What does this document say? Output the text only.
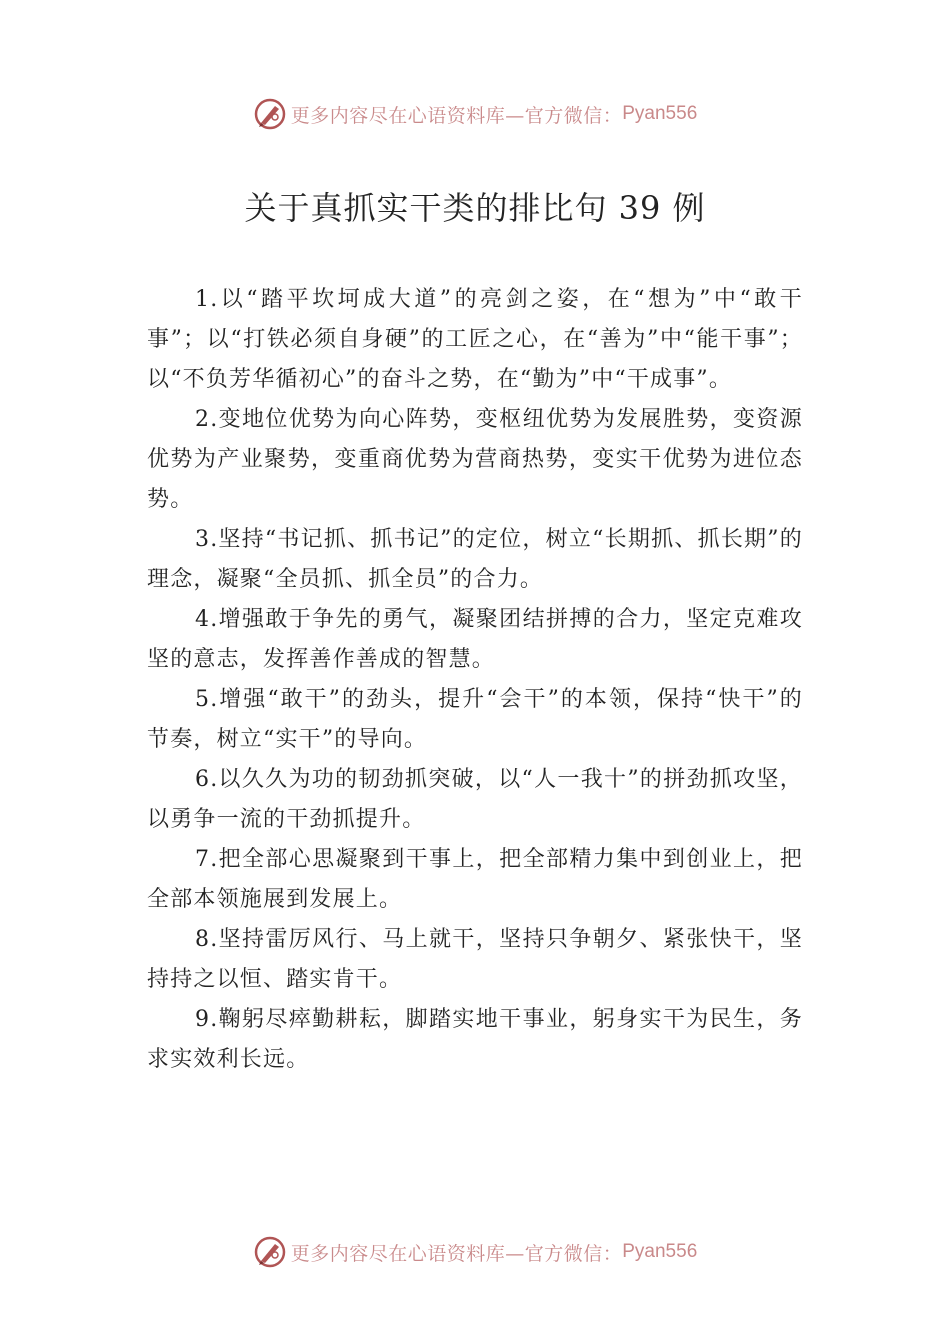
更多内容尽在心语资料库—官方微信： Pyan556
关于真抓实干类的排比句 39 例

1.以“踏平坎坷成大道”的亮剑之姿，在“想为”中“敢干事”；以“打铁必须自身硬”的工匠之心，在“善为”中“能干事”；以“不负芳华循初心”的奋斗之势，在“勤为”中“干成事”。

2.变地位优势为向心阵势，变枢纽优势为发展胜势，变资源优势为产业聚势，变重商优势为营商热势，变实干优势为进位态势。

3.坚持“书记抓、抓书记”的定位，树立“长期抓、抓长期”的理念，凝聚“全员抓、抓全员”的合力。

4.增强敢于争先的勇气，凝聚团结拼搏的合力，坚定克难攻坚的意志，发挥善作善成的智慧。

5.增强“敢干”的劲头，提升“会干”的本领，保持“快干”的节奏，树立“实干”的导向。

6.以久久为功的韧劲抓突破，以“人一我十”的拼劲抓攻坚，以勇争一流的干劲抓提升。

7.把全部心思凝聚到干事上，把全部精力集中到创业上，把全部本领施展到发展上。

8.坚持雷厉风行、马上就干，坚持只争朝夕、紧张快干，坚持持之以恒、踏实肯干。

9.鞠躬尽瘁勤耕耘，脚踏实地干事业，躬身实干为民生，务求实效利长远。

更多内容尽在心语资料库—官方微信： Pyan556
